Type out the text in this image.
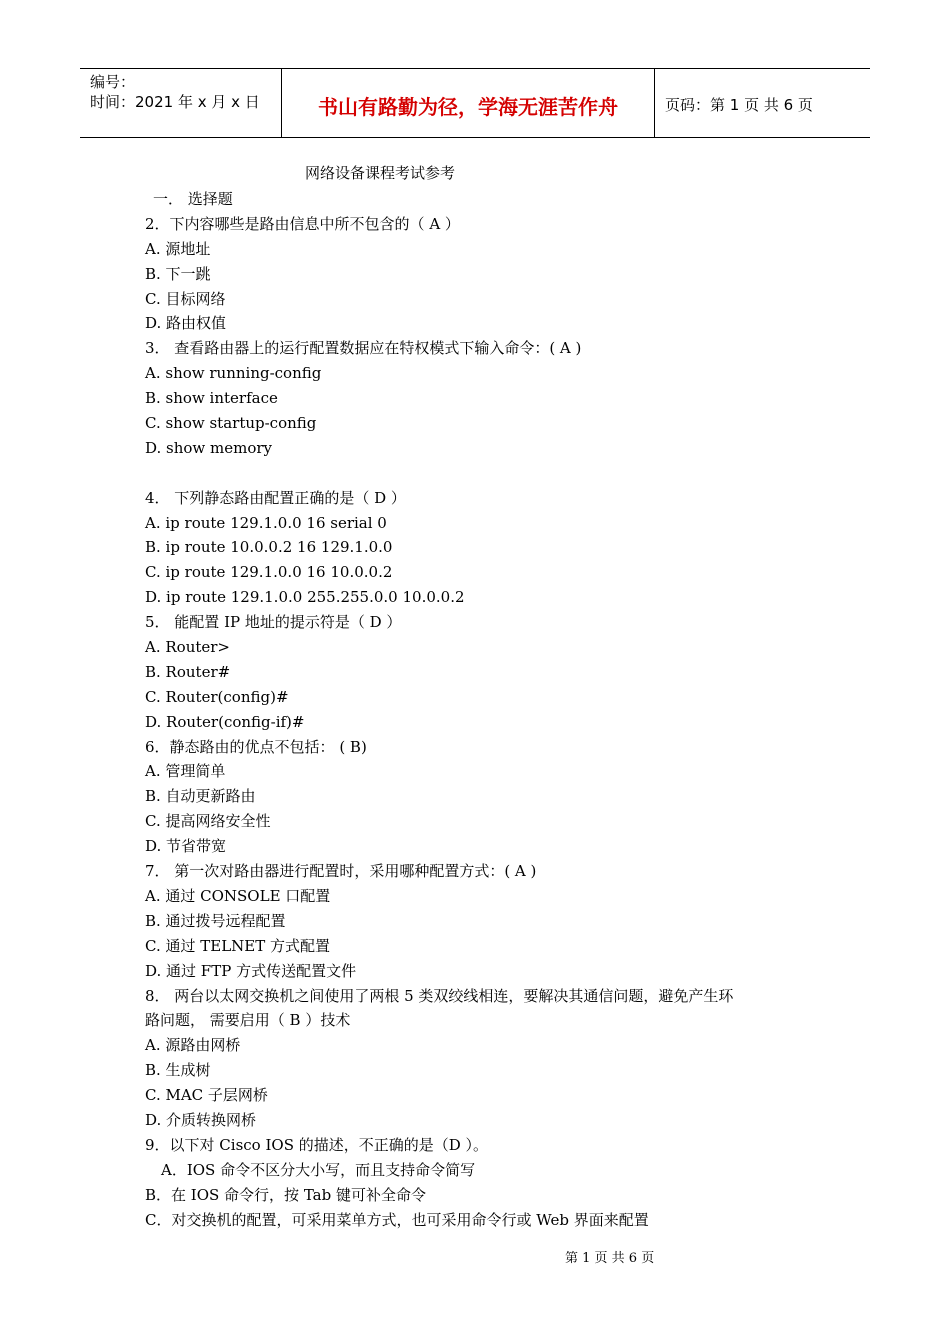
编号：
时间：2021 年 x 月 x 日	书山有路勤为径，学海无涯苦作舟	页码：第 1 页 共 6 页
网络设备课程考试参考
一． 选择题
2．下内容哪些是路由信息中所不包含的（ A ）
A. 源地址
B. 下一跳
C. 目标网络
D. 路由权值
3． 查看路由器上的运行配置数据应在特权模式下输入命令：( A )
A. show running-config
B. show interface
C. show startup-config
D. show memory
4． 下列静态路由配置正确的是（ D ）
A. ip route 129.1.0.0 16 serial 0
B. ip route 10.0.0.2 16 129.1.0.0
C. ip route 129.1.0.0 16 10.0.0.2
D. ip route 129.1.0.0 255.255.0.0 10.0.0.2
5． 能配置 IP 地址的提示符是（ D ）
A. Router>
B. Router#
C. Router(config)#
D. Router(config-if)#
6．静态路由的优点不包括： ( B)
A. 管理简单
B. 自动更新路由
C. 提高网络安全性
D. 节省带宽
7． 第一次对路由器进行配置时，采用哪种配置方式：( A )
A. 通过 CONSOLE 口配置
B. 通过拨号远程配置
C. 通过 TELNET 方式配置
D. 通过 FTP 方式传送配置文件
8． 两台以太网交换机之间使用了两根 5 类双绞线相连，要解决其通信问题，避免产生环
路问题， 需要启用（ B ）技术
A. 源路由网桥
B. 生成树
C. MAC 子层网桥
D. 介质转换网桥
9．以下对 Cisco IOS 的描述，不正确的是（D ）。
A．IOS 命令不区分大小写，而且支持命令简写
B．在 IOS 命令行，按 Tab 键可补全命令
C．对交换机的配置，可采用菜单方式，也可采用命令行或 Web 界面来配置
第 1 页 共 6 页
